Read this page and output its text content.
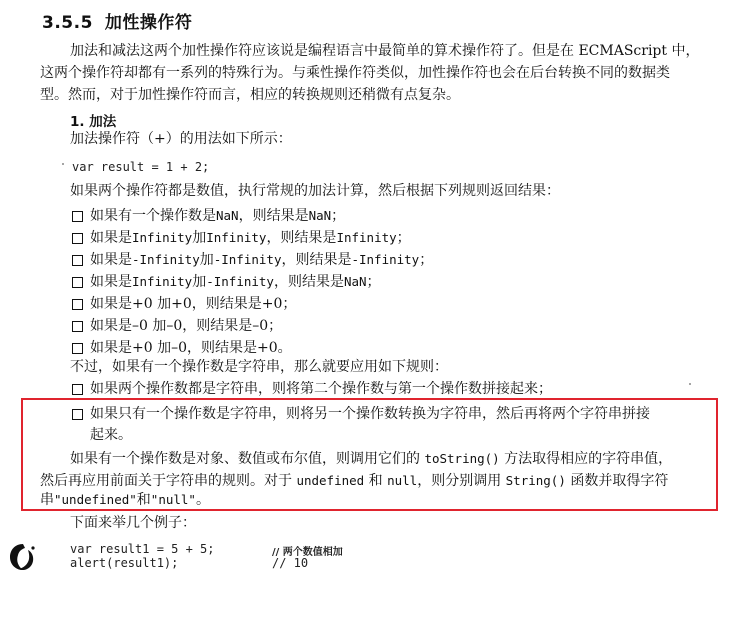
3.5.5 加性操作符
加法和减法这两个加性操作符应该说是编程语言中最简单的算术操作符了。但是在 ECMAScript 中，
这两个操作符却都有一系列的特殊行为。与乘性操作符类似，加性操作符也会在后台转换不同的数据类
型。然而，对于加性操作符而言，相应的转换规则还稍微有点复杂。
1. 加法
加法操作符（+）的用法如下所示：
var result = 1 + 2;
如果两个操作符都是数值，执行常规的加法计算，然后根据下列规则返回结果：
如果有一个操作数是 NaN ，则结果是 NaN ；
如果是 Infinity 加 Infinity ，则结果是 Infinity ；
如果是 -Infinity 加 -Infinity ，则结果是 -Infinity ；
如果是 Infinity 加 -Infinity ，则结果是 NaN ；
如果是+0 加+0，则结果是+0；
如果是–0 加–0，则结果是–0；
如果是+0 加–0，则结果是+0。
不过，如果有一个操作数是字符串，那么就要应用如下规则：
如果两个操作数都是字符串，则将第二个操作数与第一个操作数拼接起来；
如果只有一个操作数是字符串，则将另一个操作数转换为字符串，然后再将两个字符串拼接
起来。
如果有一个操作数是对象、数值或布尔值，则调用它们的 toString() 方法取得相应的字符串值，
然后再应用前面关于字符串的规则。对于 undefined 和 null，则分别调用 String() 函数并取得字符
串"undefined"和"null"。
下面来举几个例子：
var result1 = 5 + 5;	// 两个数值相加
alert(result1);	// 10
